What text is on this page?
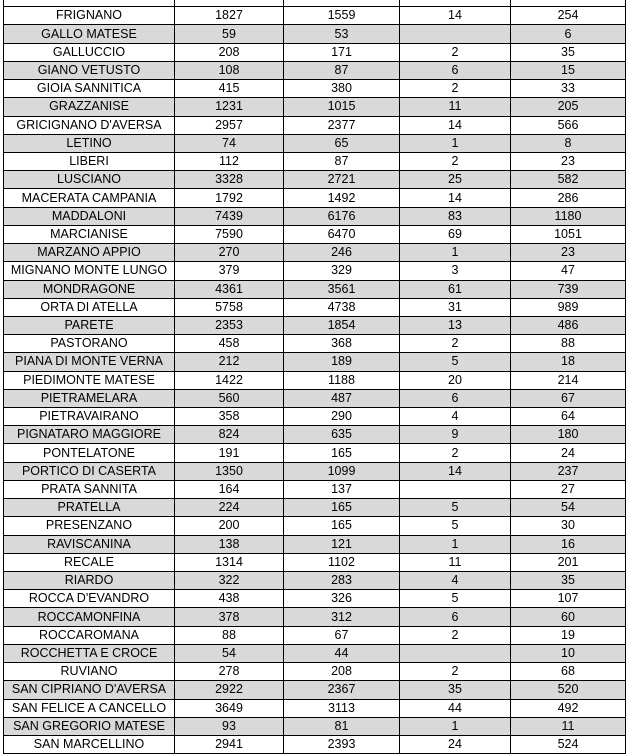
FRIGNANO	1827	1559	14	254
GALLO MATESE	59	53		6
GALLUCCIO	208	171	2	35
GIANO VETUSTO	108	87	6	15
GIOIA SANNITICA	415	380	2	33
GRAZZANISE	1231	1015	11	205
GRICIGNANO D'AVERSA	2957	2377	14	566
LETINO	74	65	1	8
LIBERI	112	87	2	23
LUSCIANO	3328	2721	25	582
MACERATA CAMPANIA	1792	1492	14	286
MADDALONI	7439	6176	83	1180
MARCIANISE	7590	6470	69	1051
MARZANO APPIO	270	246	1	23
MIGNANO MONTE LUNGO	379	329	3	47
MONDRAGONE	4361	3561	61	739
ORTA DI ATELLA	5758	4738	31	989
PARETE	2353	1854	13	486
PASTORANO	458	368	2	88
PIANA DI MONTE VERNA	212	189	5	18
PIEDIMONTE MATESE	1422	1188	20	214
PIETRAMELARA	560	487	6	67
PIETRAVAIRANO	358	290	4	64
PIGNATARO MAGGIORE	824	635	9	180
PONTELATONE	191	165	2	24
PORTICO DI CASERTA	1350	1099	14	237
PRATA SANNITA	164	137		27
PRATELLA	224	165	5	54
PRESENZANO	200	165	5	30
RAVISCANINA	138	121	1	16
RECALE	1314	1102	11	201
RIARDO	322	283	4	35
ROCCA D'EVANDRO	438	326	5	107
ROCCAMONFINA	378	312	6	60
ROCCAROMANA	88	67	2	19
ROCCHETTA E CROCE	54	44		10
RUVIANO	278	208	2	68
SAN CIPRIANO D'AVERSA	2922	2367	35	520
SAN FELICE A CANCELLO	3649	3113	44	492
SAN GREGORIO MATESE	93	81	1	11
SAN MARCELLINO	2941	2393	24	524
